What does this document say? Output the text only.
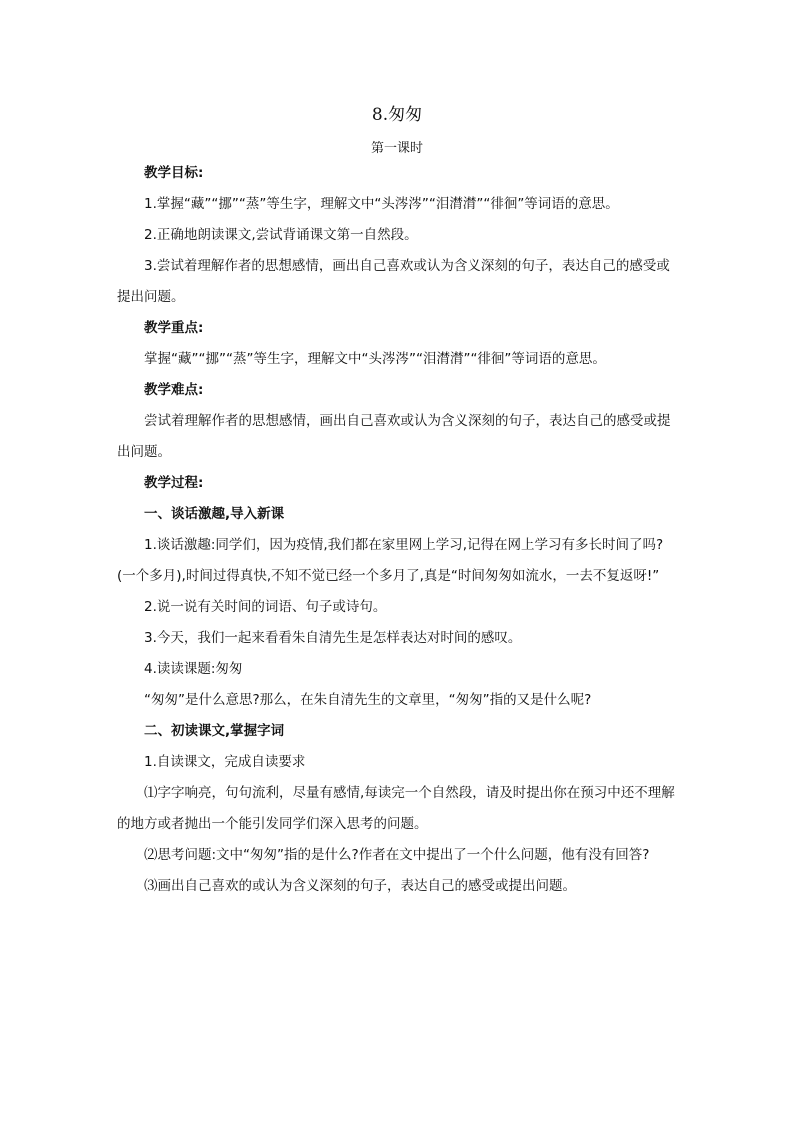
8.匆匆
第一课时

教学目标:

1.掌握“藏”“挪”“蒸”等生字，理解文中“头涔涔”“泪潸潸”“徘徊”等词语的意思。

2.正确地朗读课文,尝试背诵课文第一自然段。

3.尝试着理解作者的思想感情，画出自己喜欢或认为含义深刻的句子，表达自己的感受或提出问题。

教学重点:

掌握“藏”“挪”“蒸”等生字，理解文中“头涔涔”“泪潸潸”“徘徊”等词语的意思。

教学难点:

尝试着理解作者的思想感情，画出自己喜欢或认为含义深刻的句子，表达自己的感受或提出问题。

教学过程:

一、谈话激趣,导入新课

1.谈话激趣:同学们，因为疫情,我们都在家里网上学习,记得在网上学习有多长时间了吗?(一个多月),时间过得真快,不知不觉已经一个多月了,真是“时间匆匆如流水，一去不复返呀!”

2.说一说有关时间的词语、句子或诗句。

3.今天，我们一起来看看朱自清先生是怎样表达对时间的感叹。

4.读读课题:匆匆

“匆匆”是什么意思?那么，在朱自清先生的文章里，“匆匆”指的又是什么呢?

二、初读课文,掌握字词

1.自读课文，完成自读要求

⑴字字响亮，句句流利，尽量有感情,每读完一个自然段，请及时提出你在预习中还不理解的地方或者抛出一个能引发同学们深入思考的问题。

⑵思考问题:文中“匆匆”指的是什么?作者在文中提出了一个什么问题，他有没有回答?

⑶画出自己喜欢的或认为含义深刻的句子，表达自己的感受或提出问题。
